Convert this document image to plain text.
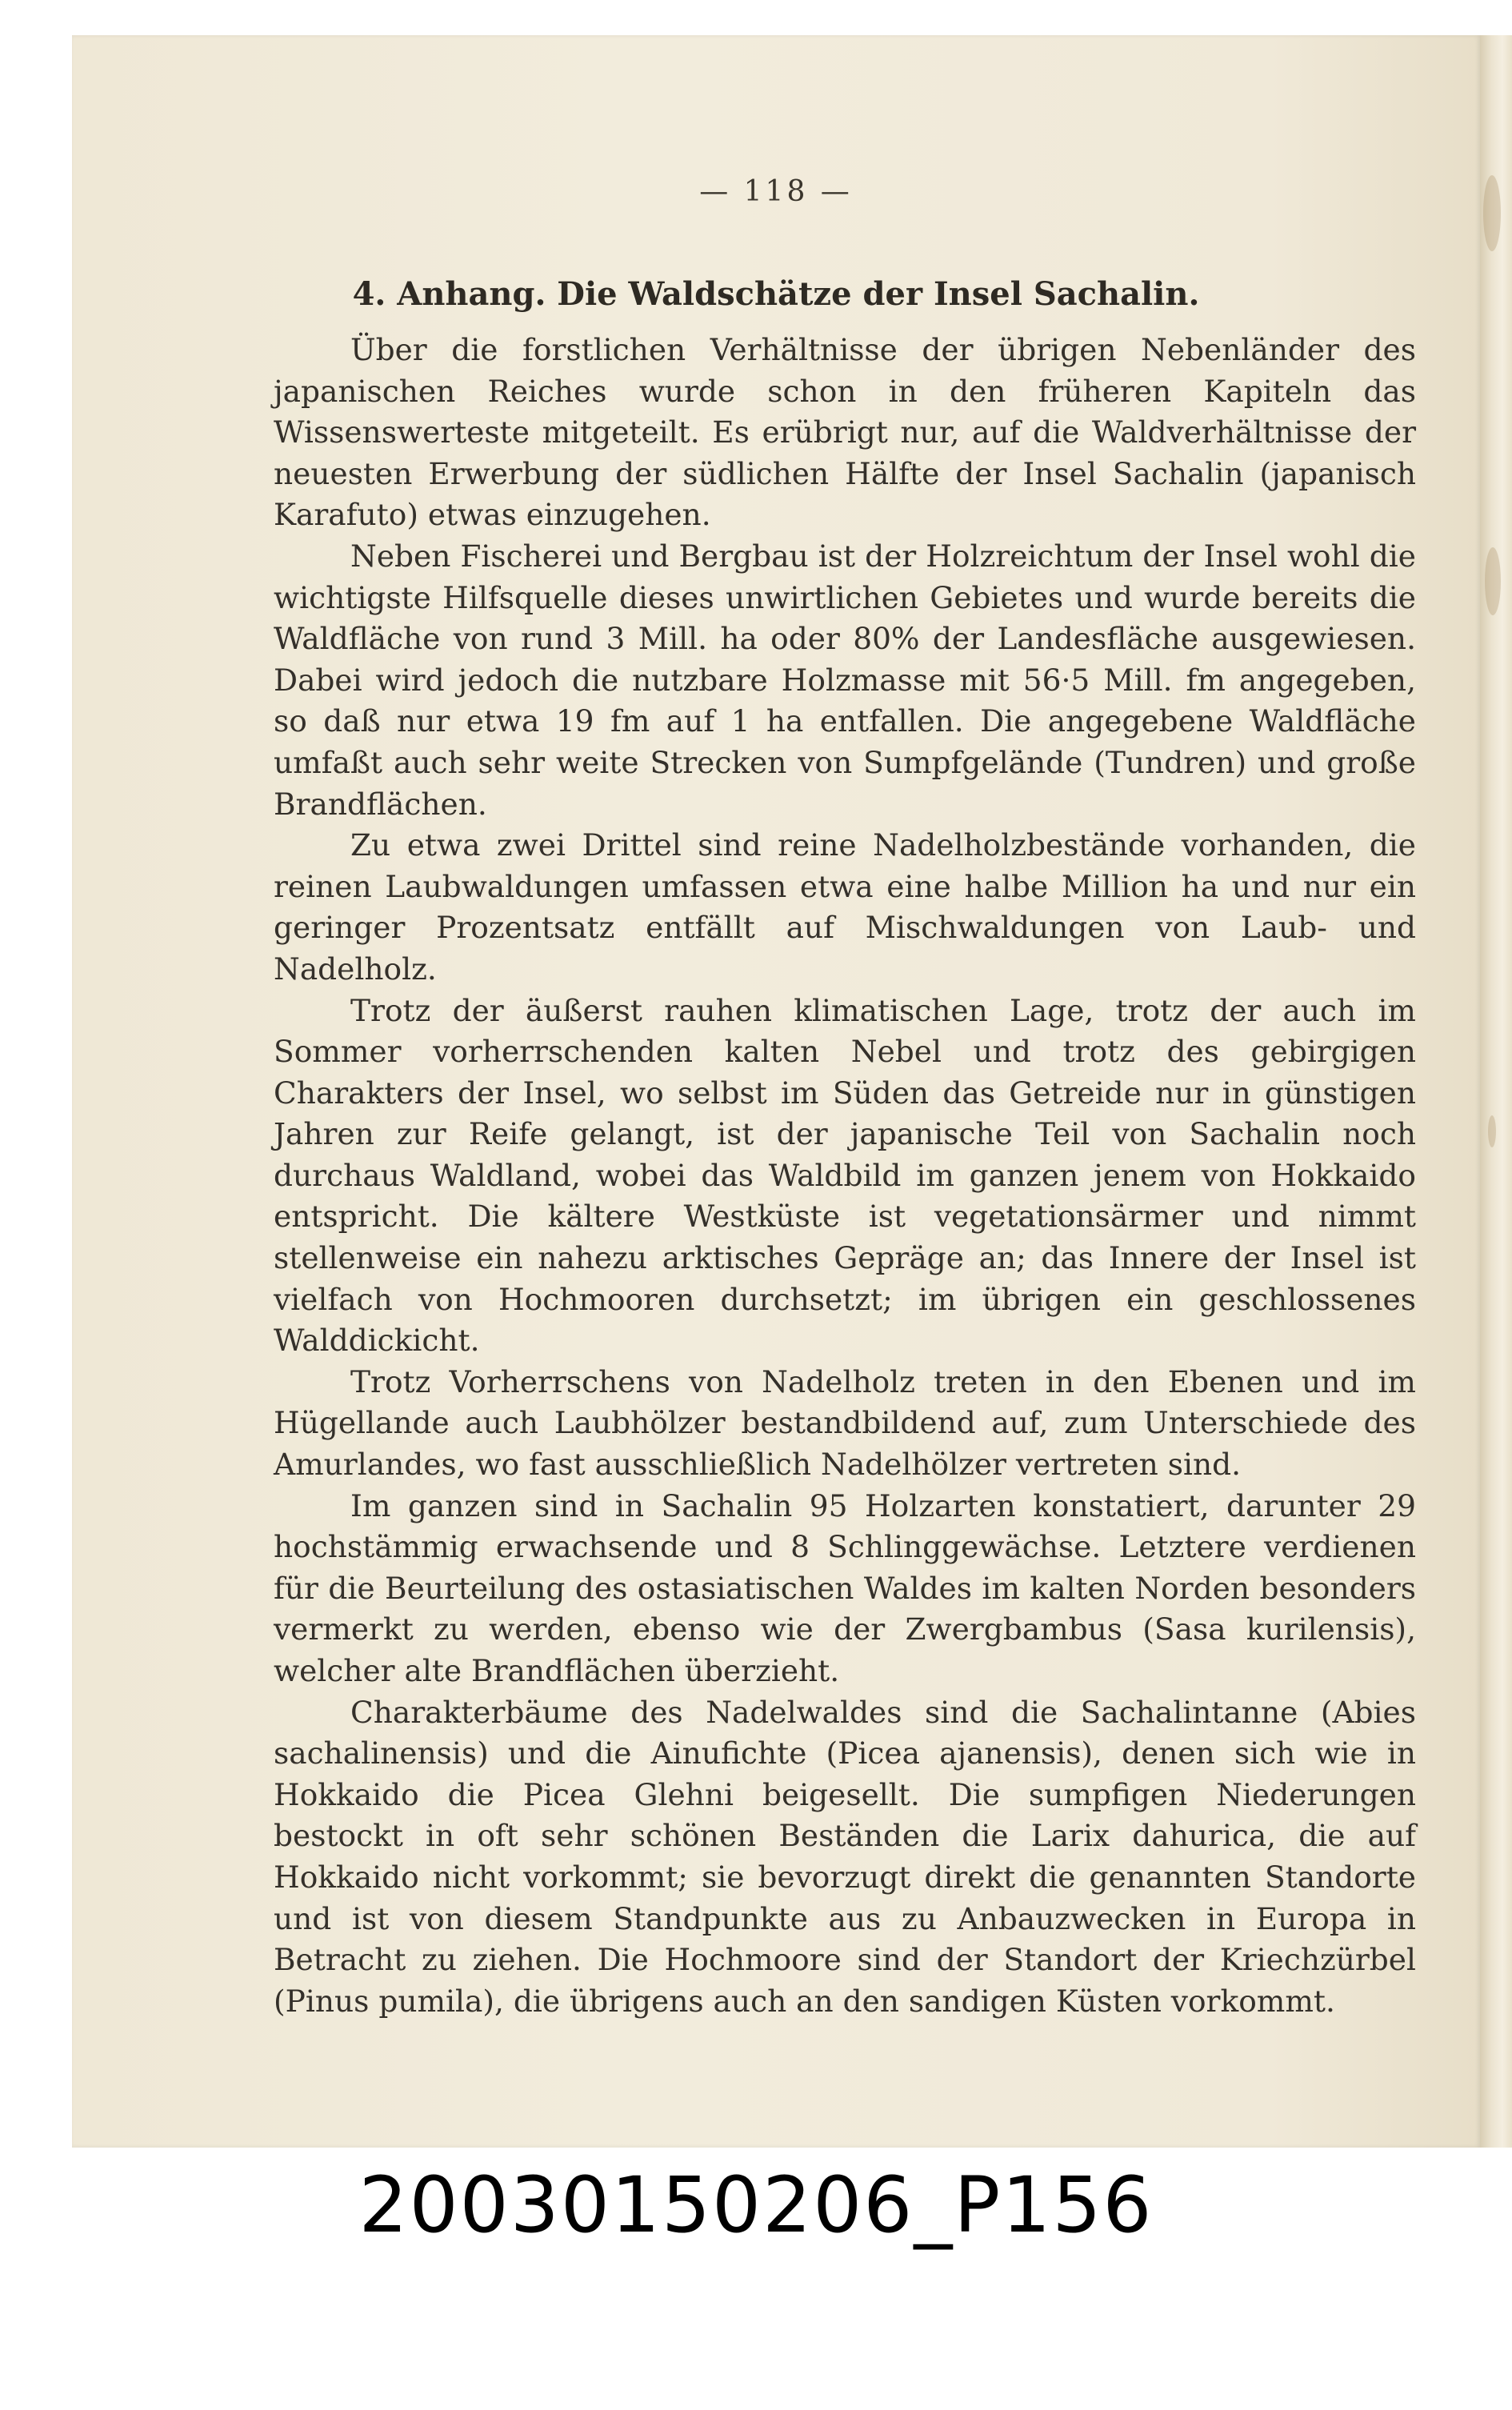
— 118 —
4. Anhang. Die Waldschätze der Insel Sachalin.

Über die forstlichen Verhältnisse der übrigen Nebenländer des japanischen Reiches wurde schon in den früheren Kapiteln das Wissenswerteste mitgeteilt. Es erübrigt nur, auf die Waldverhältnisse der neuesten Erwerbung der südlichen Hälfte der Insel Sachalin (japanisch Karafuto) etwas einzugehen.

Neben Fischerei und Bergbau ist der Holzreichtum der Insel wohl die wichtigste Hilfsquelle dieses unwirtlichen Gebietes und wurde bereits die Waldfläche von rund 3 Mill. ha oder 80% der Landesfläche ausgewiesen. Dabei wird jedoch die nutzbare Holzmasse mit 56·5 Mill. fm angegeben, so daß nur etwa 19 fm auf 1 ha entfallen. Die angegebene Waldfläche umfaßt auch sehr weite Strecken von Sumpfgelände (Tundren) und große Brandflächen.

Zu etwa zwei Drittel sind reine Nadelholzbestände vorhanden, die reinen Laubwaldungen umfassen etwa eine halbe Million ha und nur ein geringer Prozentsatz entfällt auf Mischwaldungen von Laub- und Nadelholz.

Trotz der äußerst rauhen klimatischen Lage, trotz der auch im Sommer vorherrschenden kalten Nebel und trotz des gebirgigen Charakters der Insel, wo selbst im Süden das Getreide nur in günstigen Jahren zur Reife gelangt, ist der japanische Teil von Sachalin noch durchaus Waldland, wobei das Waldbild im ganzen jenem von Hokkaido entspricht. Die kältere Westküste ist vegetationsärmer und nimmt stellenweise ein nahezu arktisches Gepräge an; das Innere der Insel ist vielfach von Hochmooren durchsetzt; im übrigen ein geschlossenes Walddickicht.

Trotz Vorherrschens von Nadelholz treten in den Ebenen und im Hügellande auch Laubhölzer bestandbildend auf, zum Unterschiede des Amurlandes, wo fast ausschließlich Nadelhölzer vertreten sind.

Im ganzen sind in Sachalin 95 Holzarten konstatiert, darunter 29 hochstämmig erwachsende und 8 Schlinggewächse. Letztere verdienen für die Beurteilung des ostasiatischen Waldes im kalten Norden besonders vermerkt zu werden, ebenso wie der Zwergbambus (Sasa kurilensis), welcher alte Brandflächen überzieht.

Charakterbäume des Nadelwaldes sind die Sachalintanne (Abies sachalinensis) und die Ainufichte (Picea ajanensis), denen sich wie in Hokkaido die Picea Glehni beigesellt. Die sumpfigen Niederungen bestockt in oft sehr schönen Beständen die Larix dahurica, die auf Hokkaido nicht vorkommt; sie bevorzugt direkt die genannten Standorte und ist von diesem Standpunkte aus zu Anbauzwecken in Europa in Betracht zu ziehen. Die Hochmoore sind der Standort der Kriechzürbel (Pinus pumila), die übrigens auch an den sandigen Küsten vorkommt.

20030150206_P156
